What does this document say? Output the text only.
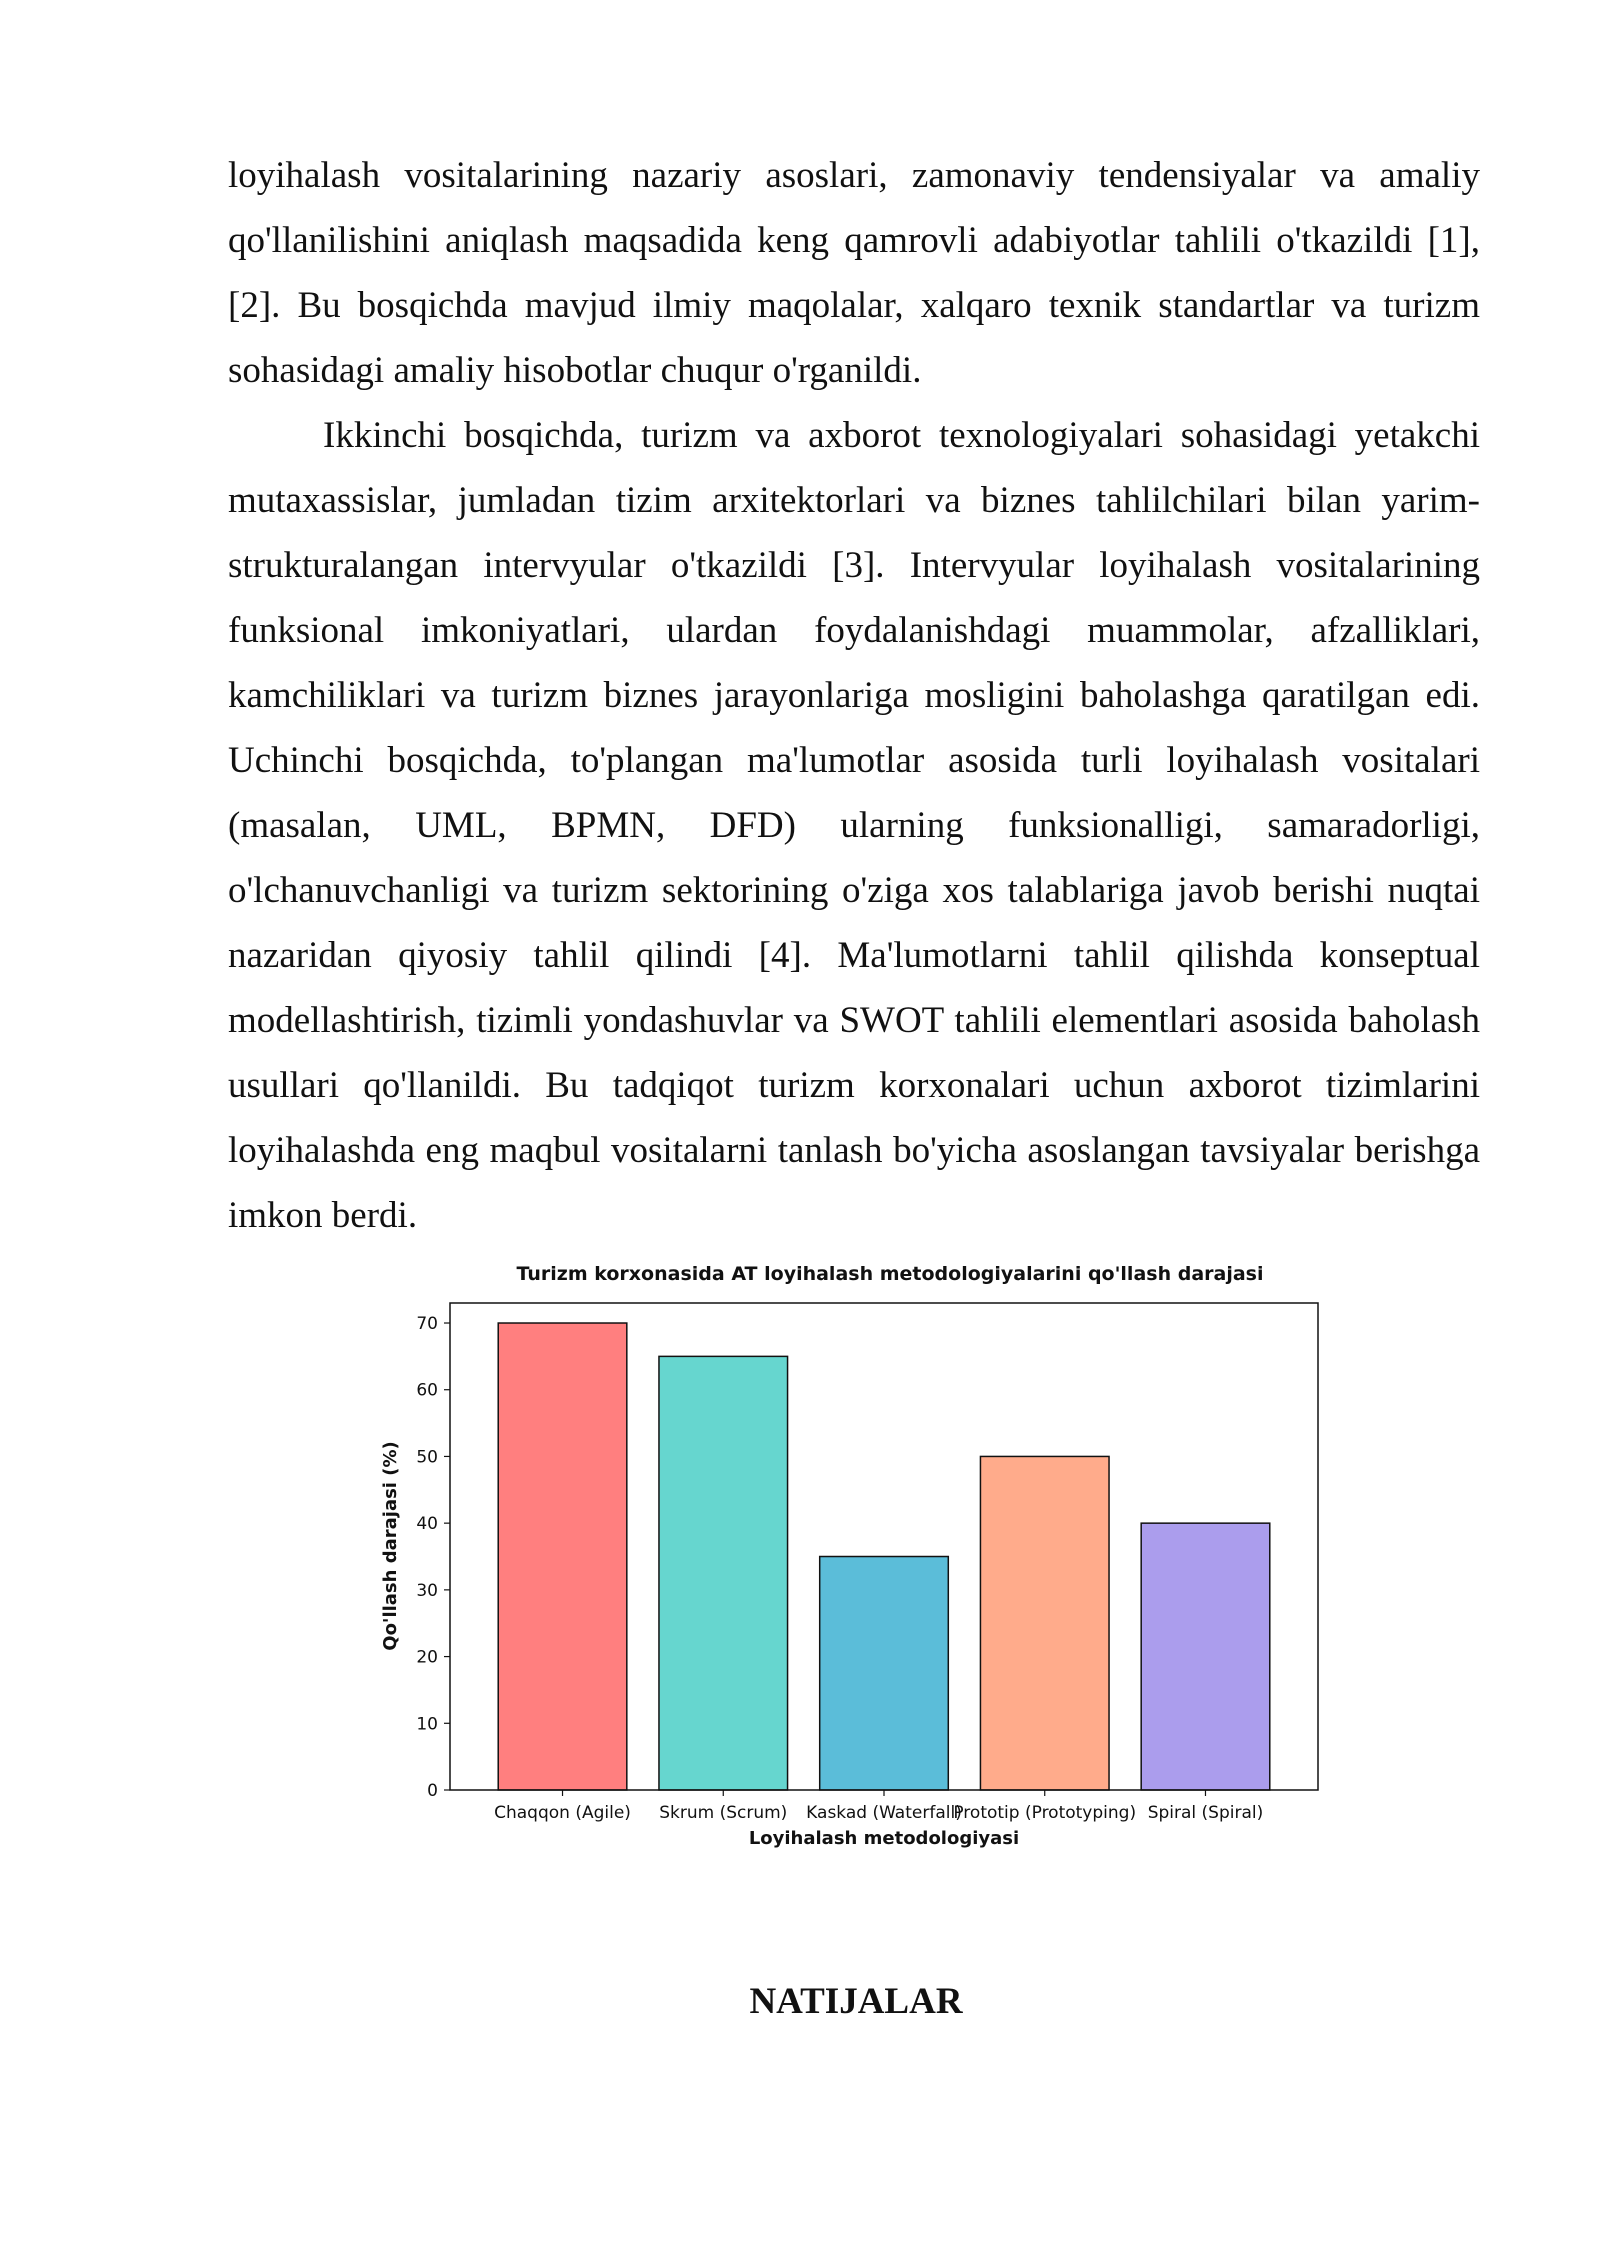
loyihalash vositalarining nazariy asoslari, zamonaviy tendensiyalar va amaliy qo'llanilishini aniqlash maqsadida keng qamrovli adabiyotlar tahlili o'tkazildi [1], [2]. Bu bosqichda mavjud ilmiy maqolalar, xalqaro texnik standartlar va turizm sohasidagi amaliy hisobotlar chuqur o'rganildi.

Ikkinchi bosqichda, turizm va axborot texnologiyalari sohasidagi yetakchi mutaxassislar, jumladan tizim arxitektorlari va biznes tahlilchilari bilan yarim-strukturalangan intervyular o'tkazildi [3]. Intervyular loyihalash vositalarining funksional imkoniyatlari, ulardan foydalanishdagi muammolar, afzalliklari, kamchiliklari va turizm biznes jarayonlariga mosligini baholashga qaratilgan edi. Uchinchi bosqichda, to'plangan ma'lumotlar asosida turli loyihalash vositalari (masalan, UML, BPMN, DFD) ularning funksionalligi, samaradorligi, o'lchanuvchanligi va turizm sektorining o'ziga xos talablariga javob berishi nuqtai nazaridan qiyosiy tahlil qilindi [4]. Ma'lumotlarni tahlil qilishda konseptual modellashtirish, tizimli yondashuvlar va SWOT tahlili elementlari asosida baholash usullari qo'llanildi. Bu tadqiqot turizm korxonalari uchun axborot tizimlarini loyihalashda eng maqbul vositalarni tanlash bo'yicha asoslangan tavsiyalar berishga imkon berdi.

Turizm korxonasida AT loyihalash metodologiyalarini qo'llash darajasi
0
10
20
30
40
50
60
70
Chaqqon (Agile) Skrum (Scrum) Kaskad (Waterfall)
Prototip (Prototyping) Spiral (Spiral)
Loyihalash metodologiyasi
Qo'llash darajasi (%)
NATIJALAR
